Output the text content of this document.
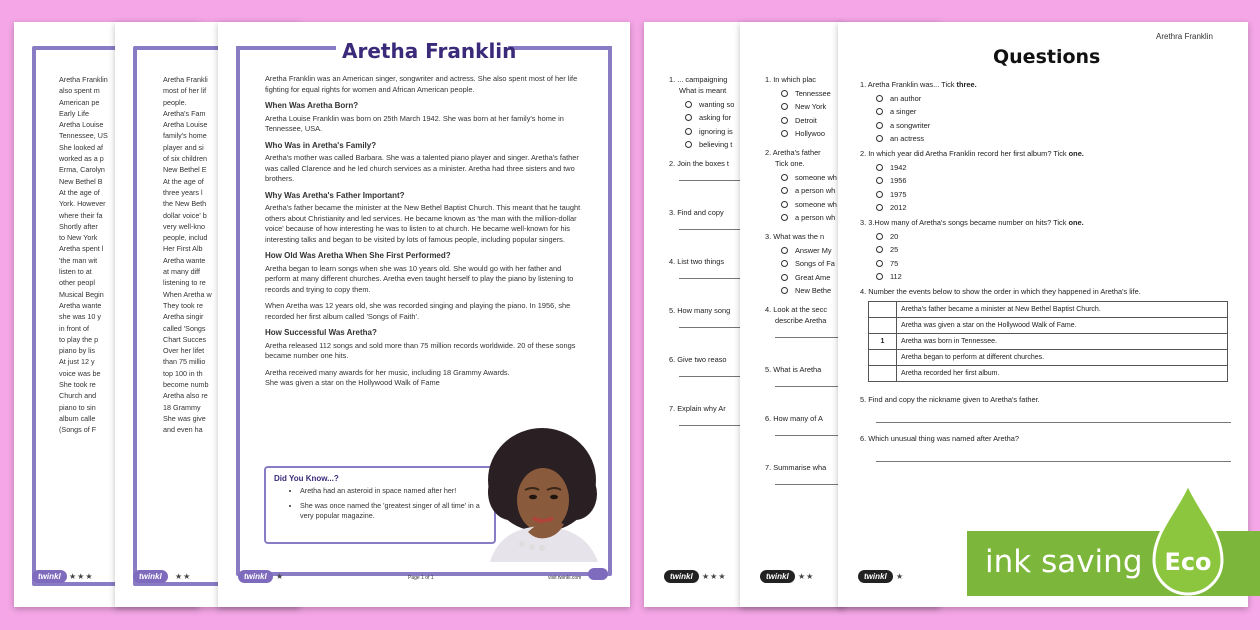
Aretha Franklin
also spent m
American pe
Early Life
Aretha Louise
Tennessee, US
She looked af
worked as a p
Erma, Carolyn
New Bethel B
At the age of
York. However
where their fa
Shortly after
to New York
Aretha spent l
'the man wit
listen to at
other peopl
Musical Begin
Aretha wante
she was 10 y
in front of
to play the p
piano by lis
At just 12 y
voice was be
She took re
Church and
piano to sin
album calle
(Songs of F
twinkl	★★★
Aretha Frankli
most of her lif
people.
Aretha's Fam
Aretha Louise
family's home
player and si
of six children
New Bethel E
At the age of
three years l
the New Beth
dollar voice' b
very well-kno
people, includ
Her First Alb
Aretha wante
at many diff
listening to re
When Aretha w
They took re
Aretha singir
called 'Songs
Chart Succes
Over her lifet
than 75 millio
top 100 in th
become numb
Aretha also re
18 Grammy
She was give
and even ha
twinkl	★★
Aretha Franklin

Aretha Franklin was an American singer, songwriter and actress. She also spent most of her life fighting for equal rights for women and African American people.

When Was Aretha Born?

Aretha Louise Franklin was born on 25th March 1942. She was born at her family's home in Tennessee, USA.

Who Was in Aretha's Family?

Aretha's mother was called Barbara. She was a talented piano player and singer. Aretha's father was called Clarence and he led church services as a minister. Aretha had three sisters and two brothers.

Why Was Aretha's Father Important?

Aretha's father became the minister at the New Bethel Baptist Church. This meant that he taught others about Christianity and led services. He became known as 'the man with the million-dollar voice' because of how interesting he was to listen to at church. He became well-known for his interesting talks and began to be visited by lots of famous people, including popular singers.

How Old Was Aretha When She First Performed?

Aretha began to learn songs when she was 10 years old. She would go with her father and perform at many different churches. Aretha even taught herself to play the piano by listening to records and trying to copy them.

When Aretha was 12 years old, she was recorded singing and playing the piano. In 1956, she recorded her first album called 'Songs of Faith'.

How Successful Was Aretha?

Aretha released 112 songs and sold more than 75 million records worldwide. 20 of these songs became number one hits.

Aretha received many awards for her music, including 18 Grammy Awards. She was given a star on the Hollywood Walk of Fame

Did You Know...?
• Aretha had an asteroid in space named after her!
• She was once named the 'greatest singer of all time' in a very popular magazine.
twinkl	★	Page 1 of 1	visit twinkl.com
1. ... campaigning
What is meant
wanting so
asking for
ignoring is
believing t
2. Join the boxes t
3. Find and copy
4. List two things
5. How many song
6. Give two reaso
7. Explain why Ar
twinkl	★★★
1. In which plac
Tennessee
New York
Detroit
Hollywoo
2. Aretha's father
Tick one.
someone wh
a person wh
someone wh
a person wh
3. What was the n
Answer My
Songs of Fa
Great Ame
New Bethe
4. Look at the secc
describe Aretha
5. What is Aretha
6. How many of A
7. Summarise wha
twinkl	★★
Arethra Franklin
Questions
1. Aretha Franklin was... Tick three.
an author
a singer
a songwriter
an actress
2. In which year did Aretha Franklin record her first album? Tick one.
1942
1956
1975
2012
3. 3.How many of Aretha's songs became number on hits? Tick one.
20
25
75
112
4. Number the events below to show the order in which they happened in Aretha's life.
	Aretha's father became a minister at New Bethel Baptist Church.
	Aretha was given a star on the Hollywood Walk of Fame.
1	Aretha was born in Tennessee.
	Aretha began to perform at different churches.
	Aretha recorded her first album.
5. Find and copy the nickname given to Aretha's father.
6. Which unusual thing was named after Aretha?
twinkl	★	ink saving Eco
